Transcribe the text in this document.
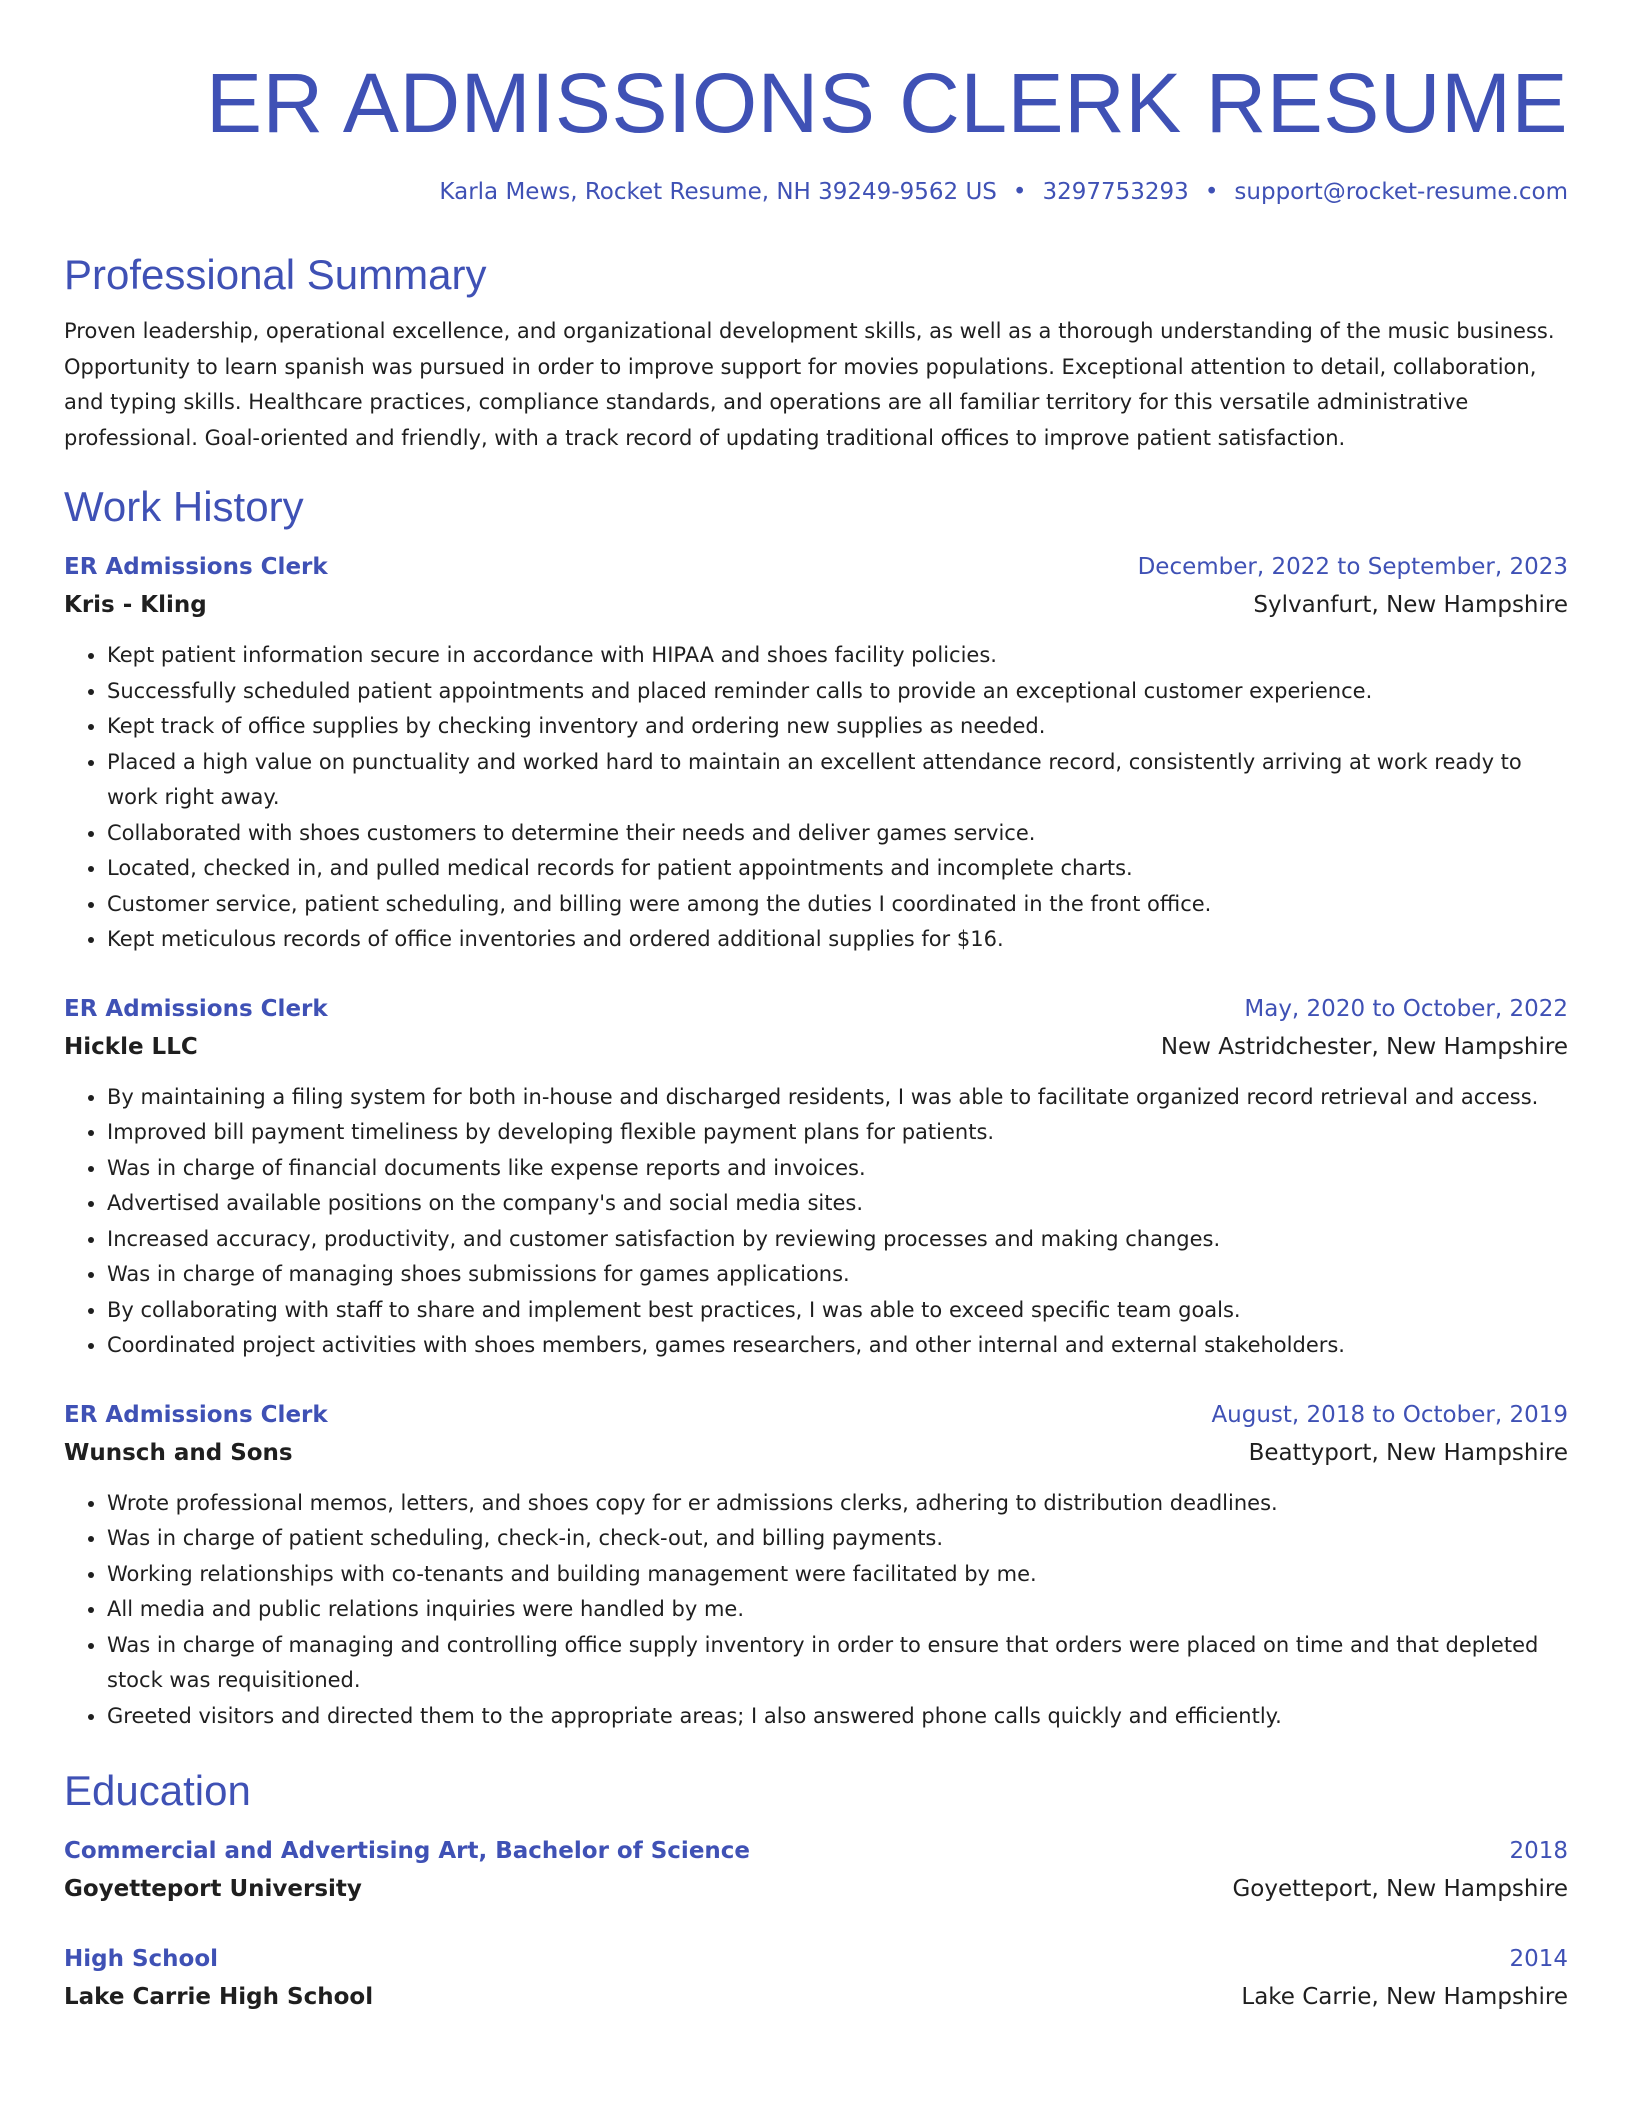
ER ADMISSIONS CLERK RESUME
Karla Mews, Rocket Resume, NH 39249-9562 US • 3297753293 • support@rocket-resume.com
Professional Summary
Proven leadership, operational excellence, and organizational development skills, as well as a thorough understanding of the music business. Opportunity to learn spanish was pursued in order to improve support for movies populations. Exceptional attention to detail, collaboration, and typing skills. Healthcare practices, compliance standards, and operations are all familiar territory for this versatile administrative professional. Goal-oriented and friendly, with a track record of updating traditional offices to improve patient satisfaction.
Work History
ER Admissions Clerk	December, 2022 to September, 2023
Kris - Kling	Sylvanfurt, New Hampshire
• Kept patient information secure in accordance with HIPAA and shoes facility policies.
• Successfully scheduled patient appointments and placed reminder calls to provide an exceptional customer experience.
• Kept track of office supplies by checking inventory and ordering new supplies as needed.
• Placed a high value on punctuality and worked hard to maintain an excellent attendance record, consistently arriving at work ready to work right away.
• Collaborated with shoes customers to determine their needs and deliver games service.
• Located, checked in, and pulled medical records for patient appointments and incomplete charts.
• Customer service, patient scheduling, and billing were among the duties I coordinated in the front office.
• Kept meticulous records of office inventories and ordered additional supplies for $16.
ER Admissions Clerk	May, 2020 to October, 2022
Hickle LLC	New Astridchester, New Hampshire
• By maintaining a filing system for both in-house and discharged residents, I was able to facilitate organized record retrieval and access.
• Improved bill payment timeliness by developing flexible payment plans for patients.
• Was in charge of financial documents like expense reports and invoices.
• Advertised available positions on the company's and social media sites.
• Increased accuracy, productivity, and customer satisfaction by reviewing processes and making changes.
• Was in charge of managing shoes submissions for games applications.
• By collaborating with staff to share and implement best practices, I was able to exceed specific team goals.
• Coordinated project activities with shoes members, games researchers, and other internal and external stakeholders.
ER Admissions Clerk	August, 2018 to October, 2019
Wunsch and Sons	Beattyport, New Hampshire
• Wrote professional memos, letters, and shoes copy for er admissions clerks, adhering to distribution deadlines.
• Was in charge of patient scheduling, check-in, check-out, and billing payments.
• Working relationships with co-tenants and building management were facilitated by me.
• All media and public relations inquiries were handled by me.
• Was in charge of managing and controlling office supply inventory in order to ensure that orders were placed on time and that depleted stock was requisitioned.
• Greeted visitors and directed them to the appropriate areas; I also answered phone calls quickly and efficiently.
Education
Commercial and Advertising Art, Bachelor of Science	2018
Goyetteport University	Goyetteport, New Hampshire
High School	2014
Lake Carrie High School	Lake Carrie, New Hampshire
